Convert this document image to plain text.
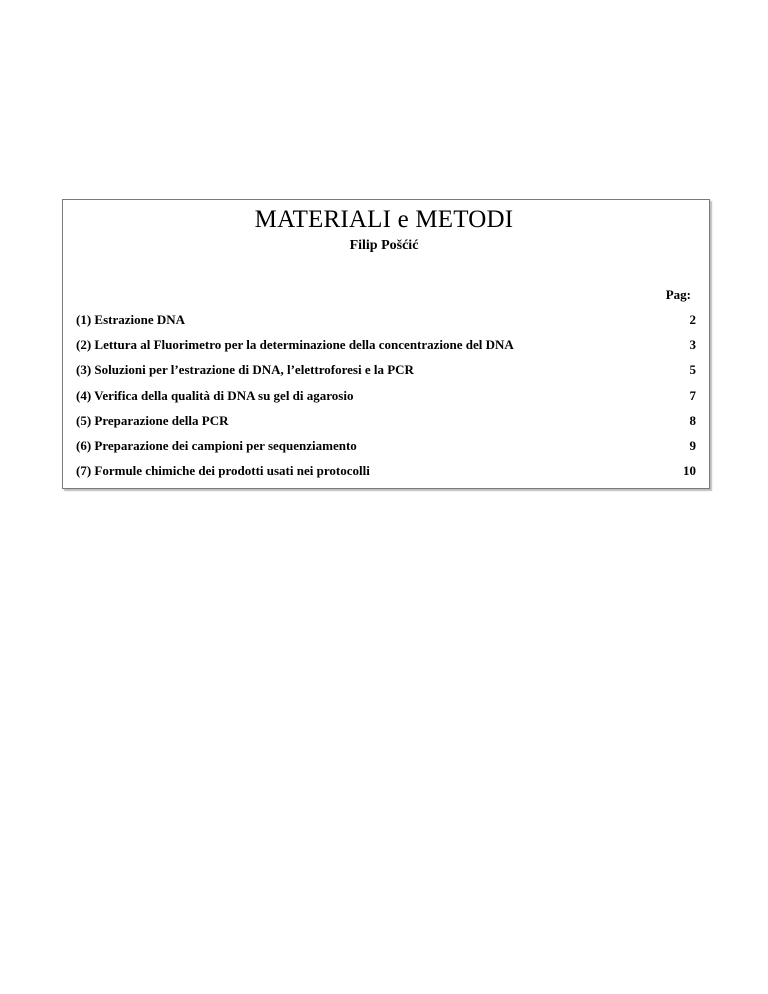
MATERIALI e METODI

Filip Pošćić

Pag:
(1) Estrazione DNA	2
(2) Lettura al Fluorimetro per la determinazione della concentrazione del DNA	3
(3) Soluzioni per l’estrazione di DNA, l’elettroforesi e la PCR	5
(4) Verifica della qualità di DNA su gel di agarosio	7
(5) Preparazione della PCR	8
(6) Preparazione dei campioni per sequenziamento	9
(7) Formule chimiche dei prodotti usati nei protocolli	10
